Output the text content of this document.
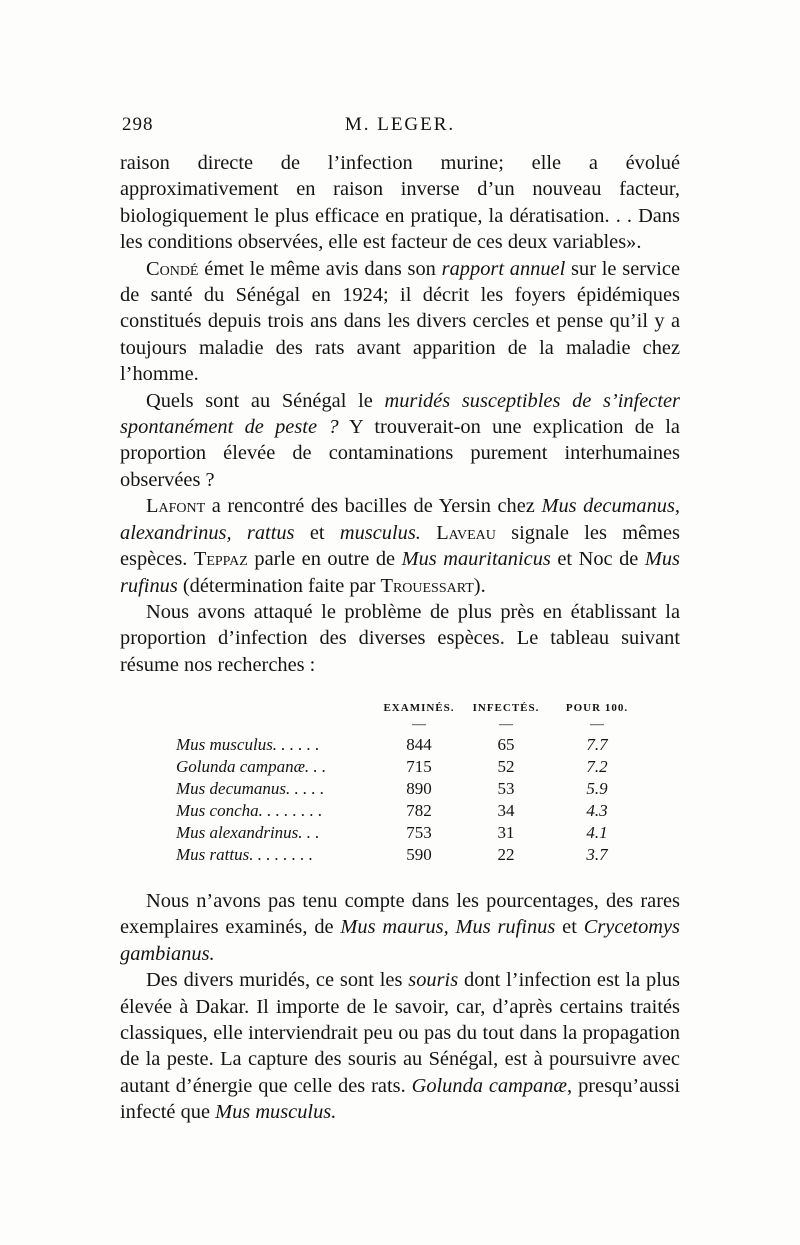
298	M. LEGER.

raison directe de l’infection murine; elle a évolué approximativement en raison inverse d’un nouveau facteur, biologiquement le plus efficace en pratique, la dératisation. . . Dans les conditions observées, elle est facteur de ces deux variables».

Condé émet le même avis dans son rapport annuel sur le service de santé du Sénégal en 1924; il décrit les foyers épidémiques constitués depuis trois ans dans les divers cercles et pense qu’il y a toujours maladie des rats avant apparition de la maladie chez l’homme.

Quels sont au Sénégal le muridés susceptibles de s’infecter spontanément de peste ? Y trouverait-on une explication de la proportion élevée de contaminations purement interhumaines observées ?

Lafont a rencontré des bacilles de Yersin chez Mus decumanus, alexandrinus, rattus et musculus. Laveau signale les mêmes espèces. Teppaz parle en outre de Mus mauritanicus et Noc de Mus rufinus (détermination faite par Trouessart).

Nous avons attaqué le problème de plus près en établissant la proportion d’infection des diverses espèces. Le tableau suivant résume nos recherches :

	EXAMINÉS.	INFECTÉS.	POUR 100.
	—	—	—
Mus musculus. . . . . .	844	65	7.7
Golunda campanæ. . .	715	52	7.2
Mus decumanus. . . . .	890	53	5.9
Mus concha. . . . . . . .	782	34	4.3
Mus alexandrinus. . .	753	31	4.1
Mus rattus. . . . . . . .	590	22	3.7

Nous n’avons pas tenu compte dans les pourcentages, des rares exemplaires examinés, de Mus maurus, Mus rufinus et Crycetomys gambianus.

Des divers muridés, ce sont les souris dont l’infection est la plus élevée à Dakar. Il importe de le savoir, car, d’après certains traités classiques, elle interviendrait peu ou pas du tout dans la propagation de la peste. La capture des souris au Sénégal, est à poursuivre avec autant d’énergie que celle des rats. Golunda campanæ, presqu’aussi infecté que Mus musculus.
